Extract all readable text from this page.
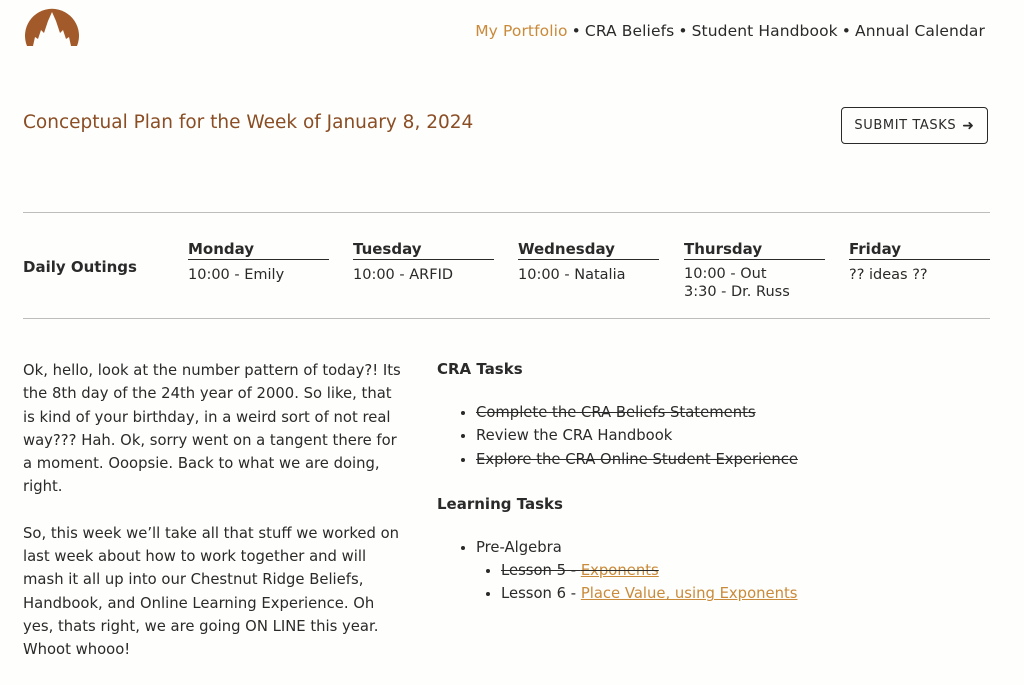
My Portfolio • CRA Beliefs • Student Handbook • Annual Calendar
Conceptual Plan for the Week of January 8, 2024	SUBMIT TASKS ➜
Daily Outings
Monday
10:00 - Emily
Tuesday
10:00 - ARFID
Wednesday
10:00 - Natalia
Thursday
10:00 - Out
3:30 - Dr. Russ
Friday
?? ideas ??

Ok, hello, look at the number pattern of today?! Its the 8th day of the 24th year of 2000. So like, that is kind of your birthday, in a weird sort of not real way??? Hah. Ok, sorry went on a tangent there for a moment. Ooopsie. Back to what we are doing, right.

So, this week we’ll take all that stuff we worked on last week about how to work together and will mash it all up into our Chestnut Ridge Beliefs, Handbook, and Online Learning Experience. Oh yes, thats right, we are going ON LINE this year. Whoot whooo!

CRA Tasks
• Complete the CRA Beliefs Statements
• Review the CRA Handbook
• Explore the CRA Online Student Experience
Learning Tasks
• Pre-Algebra
• Lesson 5 - Exponents
• Lesson 6 - Place Value, using Exponents
